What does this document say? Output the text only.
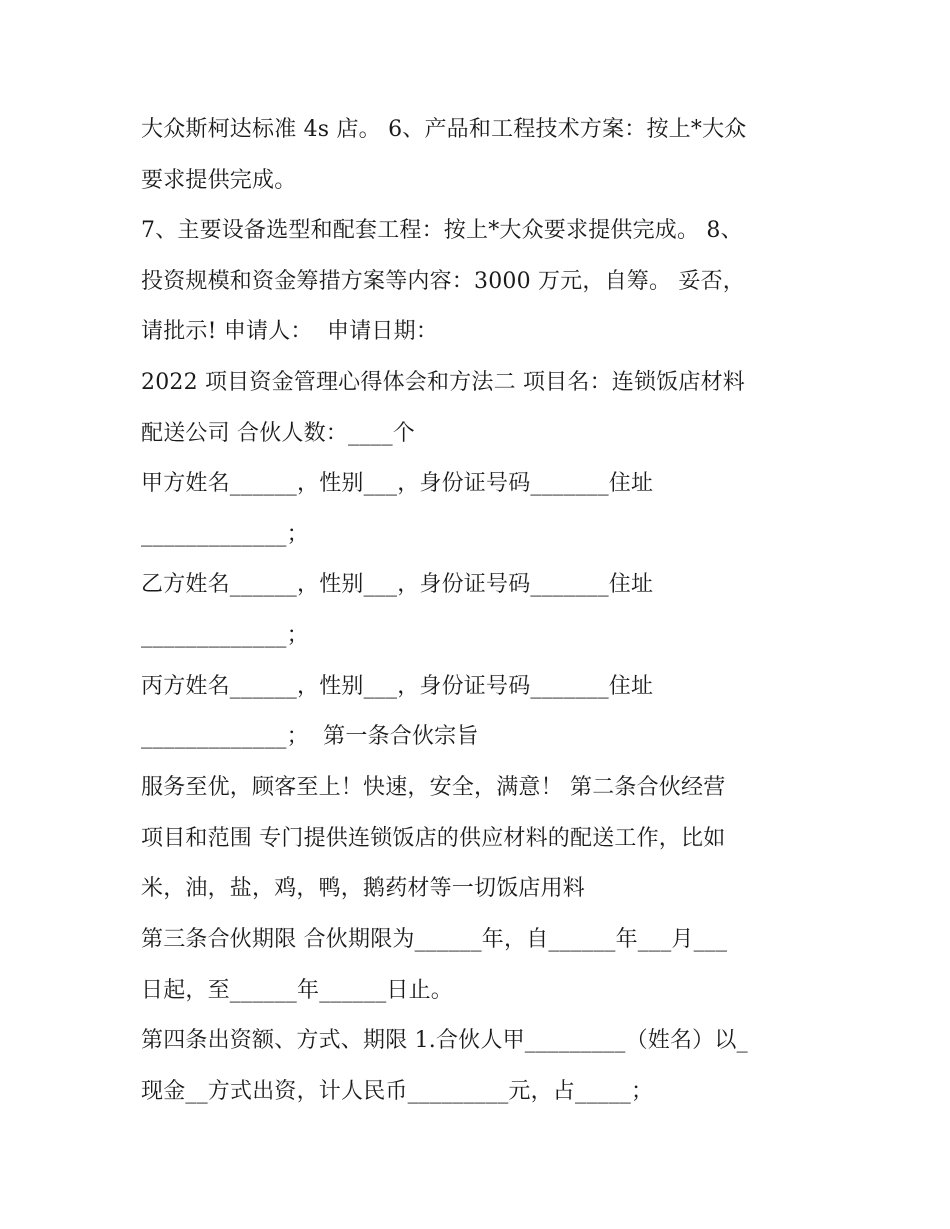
大众斯柯达标准 4s 店。 6、产品和工程技术方案：按上*大众

要求提供完成。

7、主要设备选型和配套工程：按上*大众要求提供完成。 8、

投资规模和资金筹措方案等内容：3000 万元，自筹。 妥否，

请批示! 申请人：  申请日期：

2022 项目资金管理心得体会和方法二 项目名：连锁饭店材料

配送公司 合伙人数：____个

甲方姓名______，性别___，身份证号码_______住址

_____________；

乙方姓名______，性别___，身份证号码_______住址

_____________；

丙方姓名______，性别___，身份证号码_______住址

_____________；  第一条合伙宗旨

服务至优，顾客至上！快速，安全，满意！ 第二条合伙经营

项目和范围 专门提供连锁饭店的供应材料的配送工作，比如

米，油，盐，鸡，鸭，鹅药材等一切饭店用料

第三条合伙期限 合伙期限为______年，自______年___月___

日起，至______年______日止。

第四条出资额、方式、期限 1.合伙人甲_________（姓名）以_

现金__方式出资，计人民币_________元，占_____；
